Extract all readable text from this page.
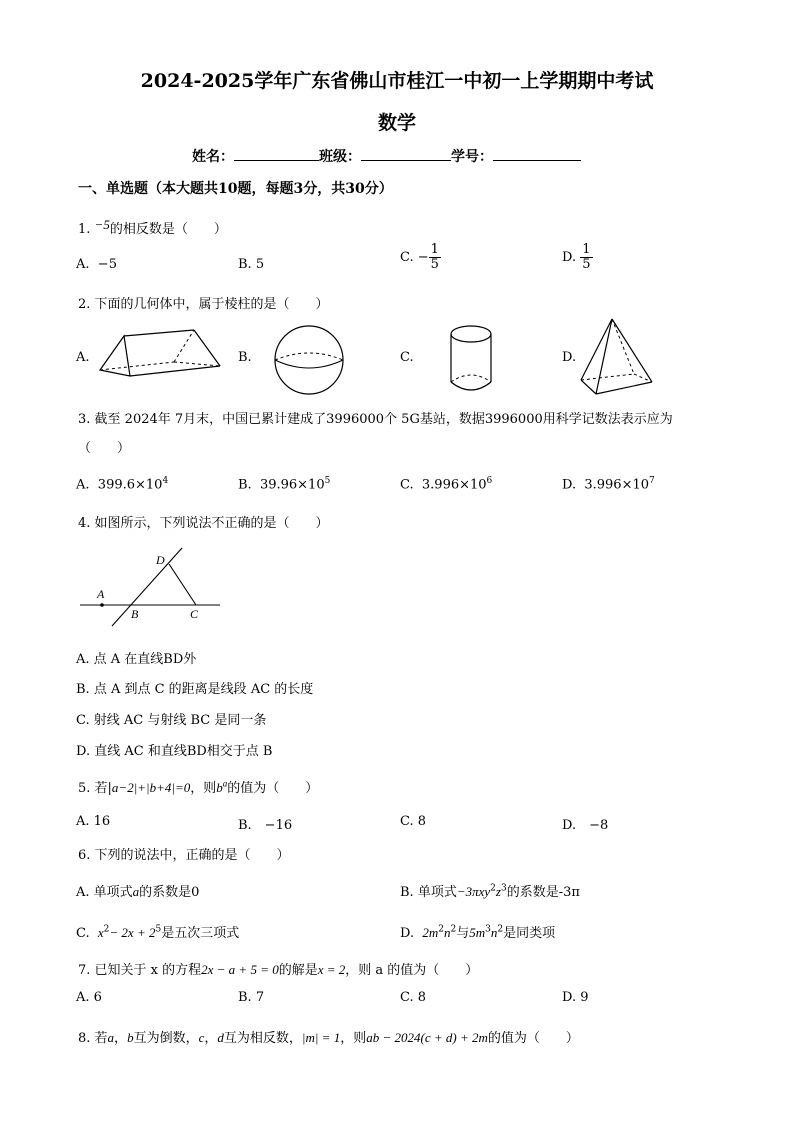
2024-2025学年广东省佛山市桂江一中初一上学期期中考试
数学
姓名：	班级：	学号：
一、单选题（本大题共10题，每题3分，共30分）
1. −5的相反数是（　　）
A. −5	B. 5	C. − $\frac{1}{5}$	D. $\frac{1}{5}$
2. 下面的几何体中，属于棱柱的是（　　）
A.	B.	C.	D.
3. 截至 2024年 7月末，中国已累计建成了3996000个 5G基站，数据3996000用科学记数法表示应为
（　　）
A. $399.6\times 10^4$	B. $39.96\times 10^5$	C. $3.996\times 10^6$	D. $3.996\times 10^7$
4. 如图所示，下列说法不正确的是（　　）
A
B	C
D
A. 点 A 在直线BD外
B. 点 A 到点 C 的距离是线段 AC 的长度
C. 射线 AC 与射线 BC 是同一条
D. 直线 AC 和直线BD相交于点 B
5. 若|a−2|+|b+4|=0，则$b^a$的值为（　　）
A. 16	B.　−16	C. 8	D.　−8
6. 下列的说法中，正确的是（　　）
A. 单项式a的系数是0	B. 单项式$-3\pi xy^2z^3$的系数是-3π
C. $x^2- 2x + 2^5$是五次三项式	D. $2m^2n^2$与$5m^3n^2$是同类项
7. 已知关于 x 的方程2x − a + 5 = 0的解是x = 2，则 a 的值为（　　）
A. 6	B. 7	C. 8	D. 9
8. 若a，b互为倒数，c，d互为相反数，|m| = 1，则ab − 2024(c + d) + 2m的值为（　　）
